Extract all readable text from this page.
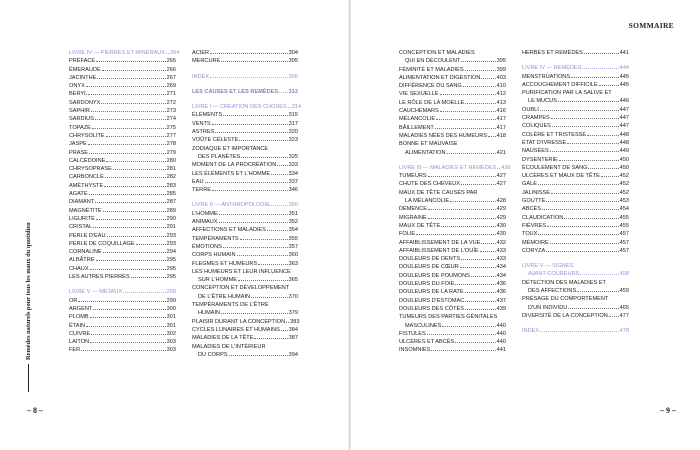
Remèdes naturels pour tous les maux du quotidien
LIVRE IV — PIERRES ET MINÉRAUX 264
PRÉFACE	265
ÉMERAUDE	266
JACINTHE	267
ONYX	269
BÉRYL	271
SARDONYX	272
SAPHIR	273
SARDIUS	274
TOPAZE	275
CHRYSOLITE	277
JASPE	278
PRASE	279
CALCÉDOINE	280
CHRYSOPRASE	281
CARBONCLE	282
AMÉTHYSTE	283
AGATE	285
DIAMANT	287
MAGNÉTITE	289
LIGURITE	290
CRISTAL	291
PERLE D'EAU	293
PERLE DE COQUILLAGE	293
CORNALINE	294
ALBÂTRE	295
CHAUX	295
LES AUTRES PIERRES	295
LIVRE V — MÉTAUX	298
OR	299
ARGENT	300
PLOMB	301
ÉTAIN	301
CUIVRE	302
LAITON	303
FER	303
ACIER	304
MERCURE	305
INDEX	306
LES CAUSES ET LES REMÈDES 312
LIVRE I — CRÉATION DES CHOSES 314
ÉLÉMENTS	315
VENTS	317
ASTRES	320
VOÛTE CÉLESTE	323
ZODIAQUE ET IMPORTANCE
DES PLANÈTES	325
MOMENT DE LA PROCRÉATION 333
LES ÉLÉMENTS ET L'HOMME	334
EAU	337
TERRE	346
LIVRE II — ANTHROPOLOGIE	350
L'HOMME	351
ANIMAUX	352
AFFECTIONS ET MALADIES	354
TEMPÉRAMENTS	355
ÉMOTIONS	357
CORPS HUMAIN	360
FLEGMES ET HUMEURS	363
LES HUMEURS ET LEUR INFLUENCE
SUR L'HOMME	365
CONCEPTION ET DÉVELOPPEMENT
DE L'ÊTRE HUMAIN	370
TEMPÉRAMENTS DE L'ÊTRE
HUMAIN	379
PLAISIR DURANT LA CONCEPTION 383
CYCLES LUNAIRES ET HUMAINS 384
MALADIES DE LA TÊTE	387
MALADIES DE L'INTÉRIEUR
DU CORPS	394
– 8 –
SOMMAIRE
CONCEPTION ET MALADIES
QUI EN DÉCOULENT	395
FÉMINITÉ ET MALADIES	399
ALIMENTATION ET DIGESTION	403
DIFFÉRENCE DU SANG	410
VIE SEXUELLE	412
LE RÔLE DE LA MOELLE	413
CAUCHEMARS	416
MÉLANCOLIE	417
BÂILLEMENT	417
MALADIES NÉES DES HUMEURS 418
BONNE ET MAUVAISE
ALIMENTATION	421
LIVRE III — MALADIES ET REMÈDES 426
TUMEURS	427
CHUTE DES CHEVEUX	427
MAUX DE TÊTE CAUSÉS PAR
LA MÉLANCOLIE	428
DÉMENCE	429
MIGRAINE	429
MAUX DE TÊTE	430
FOLIE	430
AFFAIBLISSEMENT DE LA VUE	432
AFFAIBLISSEMENT DE L'OUÏE	433
DOULEURS DE DENTS	433
DOULEURS DE CŒUR	434
DOULEURS DE POUMONS	434
DOULEURS DU FOIE	436
DOULEURS DE LA RATE	436
DOULEURS D'ESTOMAC	437
DOULEURS DES CÔTÉS	439
TUMEURS DES PARTIES GÉNITALES
MASCULINES	440
FISTULES	440
ULCÈRES ET ABCÈS	440
INSOMNIES	441
HERBES ET REMÈDES	441
LIVRE IV — REMÈDES	444
MENSTRUATIONS	445
ACCOUCHEMENT DIFFICILE	445
PURIFICATION PAR LA SALIVE ET
LE MUCUS	446
OUBLI	447
CRAMPES	447
COLIQUES	447
COLÈRE ET TRISTESSE	448
ÉTAT D'IVRESSE	448
NAUSÉES	449
DYSENTERIE	450
ÉCOULEMENT DE SANG	450
ULCÈRES ET MAUX DE TÊTE	452
GALE	452
JALINISSE	452
GOUTTE	453
ABCÈS	454
CLAUDICATION	455
FIÈVRES	455
TOUX	457
MÉMOIRE	457
CORYZA	457
LIVRE V — SIGNES
AVANT-COUREURS	458
DÉTECTION DES MALADIES ET
DES AFFECTIONS	459
PRÉSAGE DU COMPORTEMENT
D'UN INDIVIDU	465
DIVERSITÉ DE LA CONCEPTION 477
INDEX	478
– 9 –
